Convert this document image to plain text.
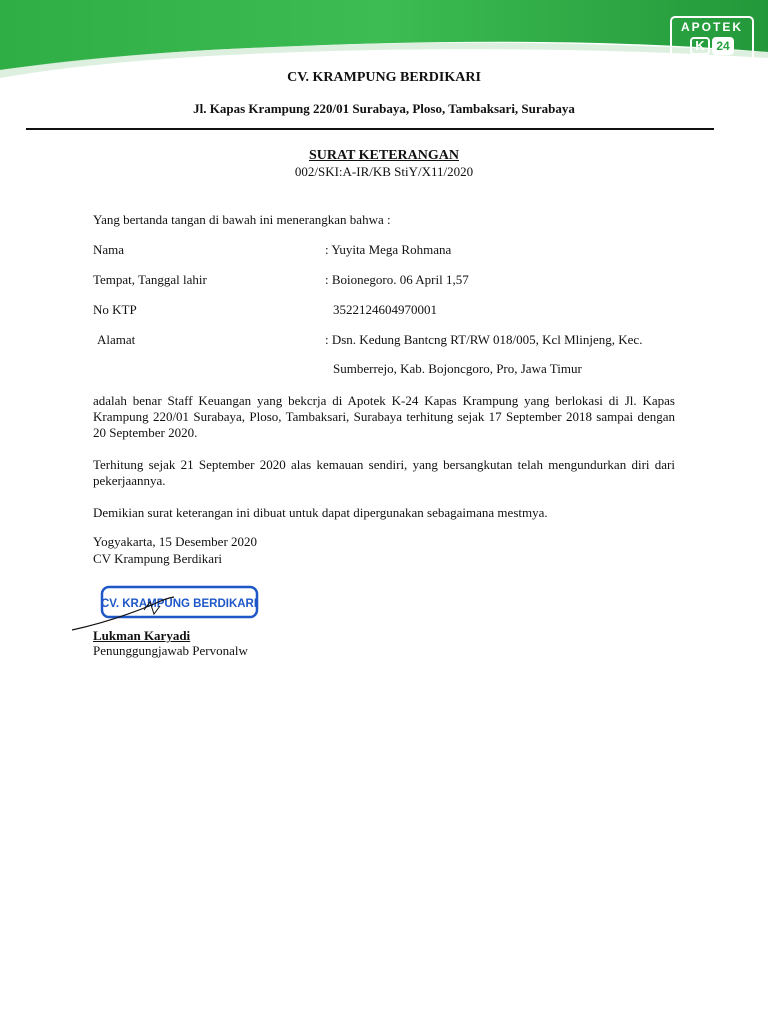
APOTEK
K 24
LEBIH DEKAT SELALU
CV. KRAMPUNG BERDIKARI
Jl. Kapas Krampung 220/01 Surabaya, Ploso, Tambaksari, Surabaya
SURAT KETERANGAN
002/SKI:A-IR/KB StiY/X11/2020
Yang bertanda tangan di bawah ini menerangkan bahwa :
Nama	: Yuyita Mega Rohmana
Tempat, Tanggal lahir	: Boionegoro. 06 April 1,57
No KTP	3522124604970001
Alamat	: Dsn. Kedung Bantcng RT/RW 018/005, Kcl Mlinjeng, Kec.
Sumberrejo, Kab. Bojoncgoro, Pro, Jawa Timur
adalah benar Staff Keuangan yang bekcrja di Apotek K-24 Kapas Krampung yang berlokasi di Jl. Kapas Krampung 220/01 Surabaya, Ploso, Tambaksari, Surabaya terhitung sejak 17 September 2018 sampai dengan 20 September 2020.
Terhitung sejak 21 September 2020 alas kemauan sendiri, yang bersangkutan telah mengundurkan diri dari pekerjaannya.
Demikian surat keterangan ini dibuat untuk dapat dipergunakan sebagaimana mestmya.
Yogyakarta, 15 Desember 2020
CV Krampung Berdikari
CV. KRAMPUNG BERDIKARI
Lukman Karyadi
Penunggungjawab Pervonalw
